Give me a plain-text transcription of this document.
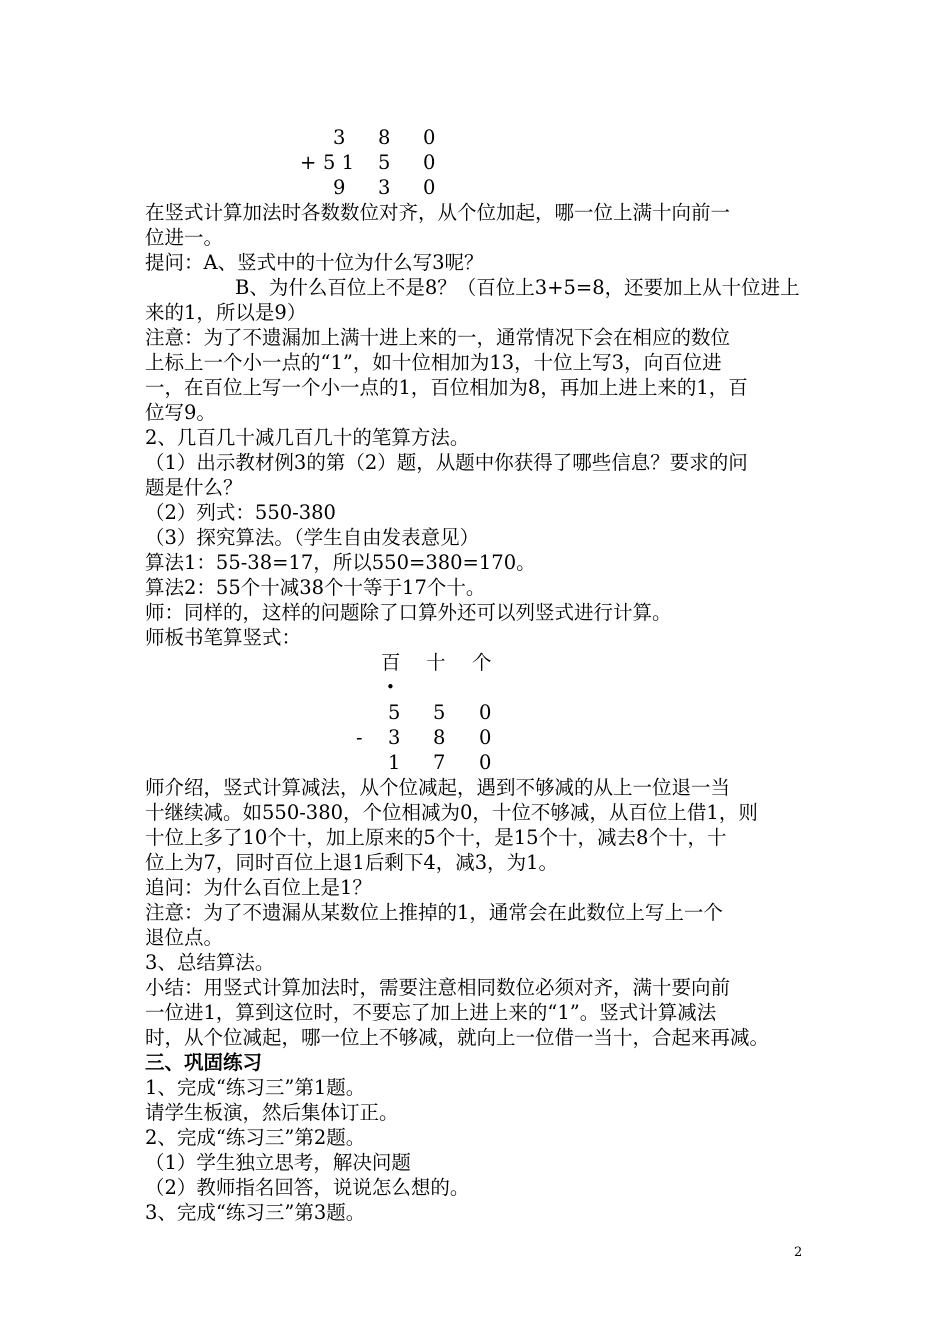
3 8 0
+ 5 1 5 0
9 3 0
在竖式计算加法时各数数位对齐，从个位加起，哪一位上满十向前一
位进一。
提问：A、竖式中的十位为什么写3呢？
B、为什么百位上不是8？（百位上3+5=8，还要加上从十位进上
来的1，所以是9）
注意：为了不遗漏加上满十进上来的一，通常情况下会在相应的数位
上标上一个小一点的“1”，如十位相加为13，十位上写3，向百位进
一，在百位上写一个小一点的1，百位相加为8，再加上进上来的1，百
位写9。
2、几百几十减几百几十的笔算方法。
（1）出示教材例3的第（2）题，从题中你获得了哪些信息？要求的问
题是什么？
（2）列式：550-380
（3）探究算法。（学生自由发表意见）
算法1：55-38=17，所以550=380=170。
算法2：55个十减38个十等于17个十。
师：同样的，这样的问题除了口算外还可以列竖式进行计算。
师板书笔算竖式：
百 十 个
•
5 5 0
- 3 8 0
1 7 0
师介绍，竖式计算减法，从个位减起，遇到不够减的从上一位退一当
十继续减。如550-380，个位相减为0，十位不够减，从百位上借1，则
十位上多了10个十，加上原来的5个十，是15个十，减去8个十，十
位上为7，同时百位上退1后剩下4，减3，为1。
追问：为什么百位上是1？
注意：为了不遗漏从某数位上推掉的1，通常会在此数位上写上一个
退位点。
3、总结算法。
小结：用竖式计算加法时，需要注意相同数位必须对齐，满十要向前
一位进1，算到这位时，不要忘了加上进上来的“1”。竖式计算减法
时，从个位减起，哪一位上不够减，就向上一位借一当十，合起来再减。
三、巩固练习
1、完成“练习三”第1题。
请学生板演，然后集体订正。
2、完成“练习三”第2题。
（1）学生独立思考，解决问题
（2）教师指名回答，说说怎么想的。
3、完成“练习三”第3题。
2
